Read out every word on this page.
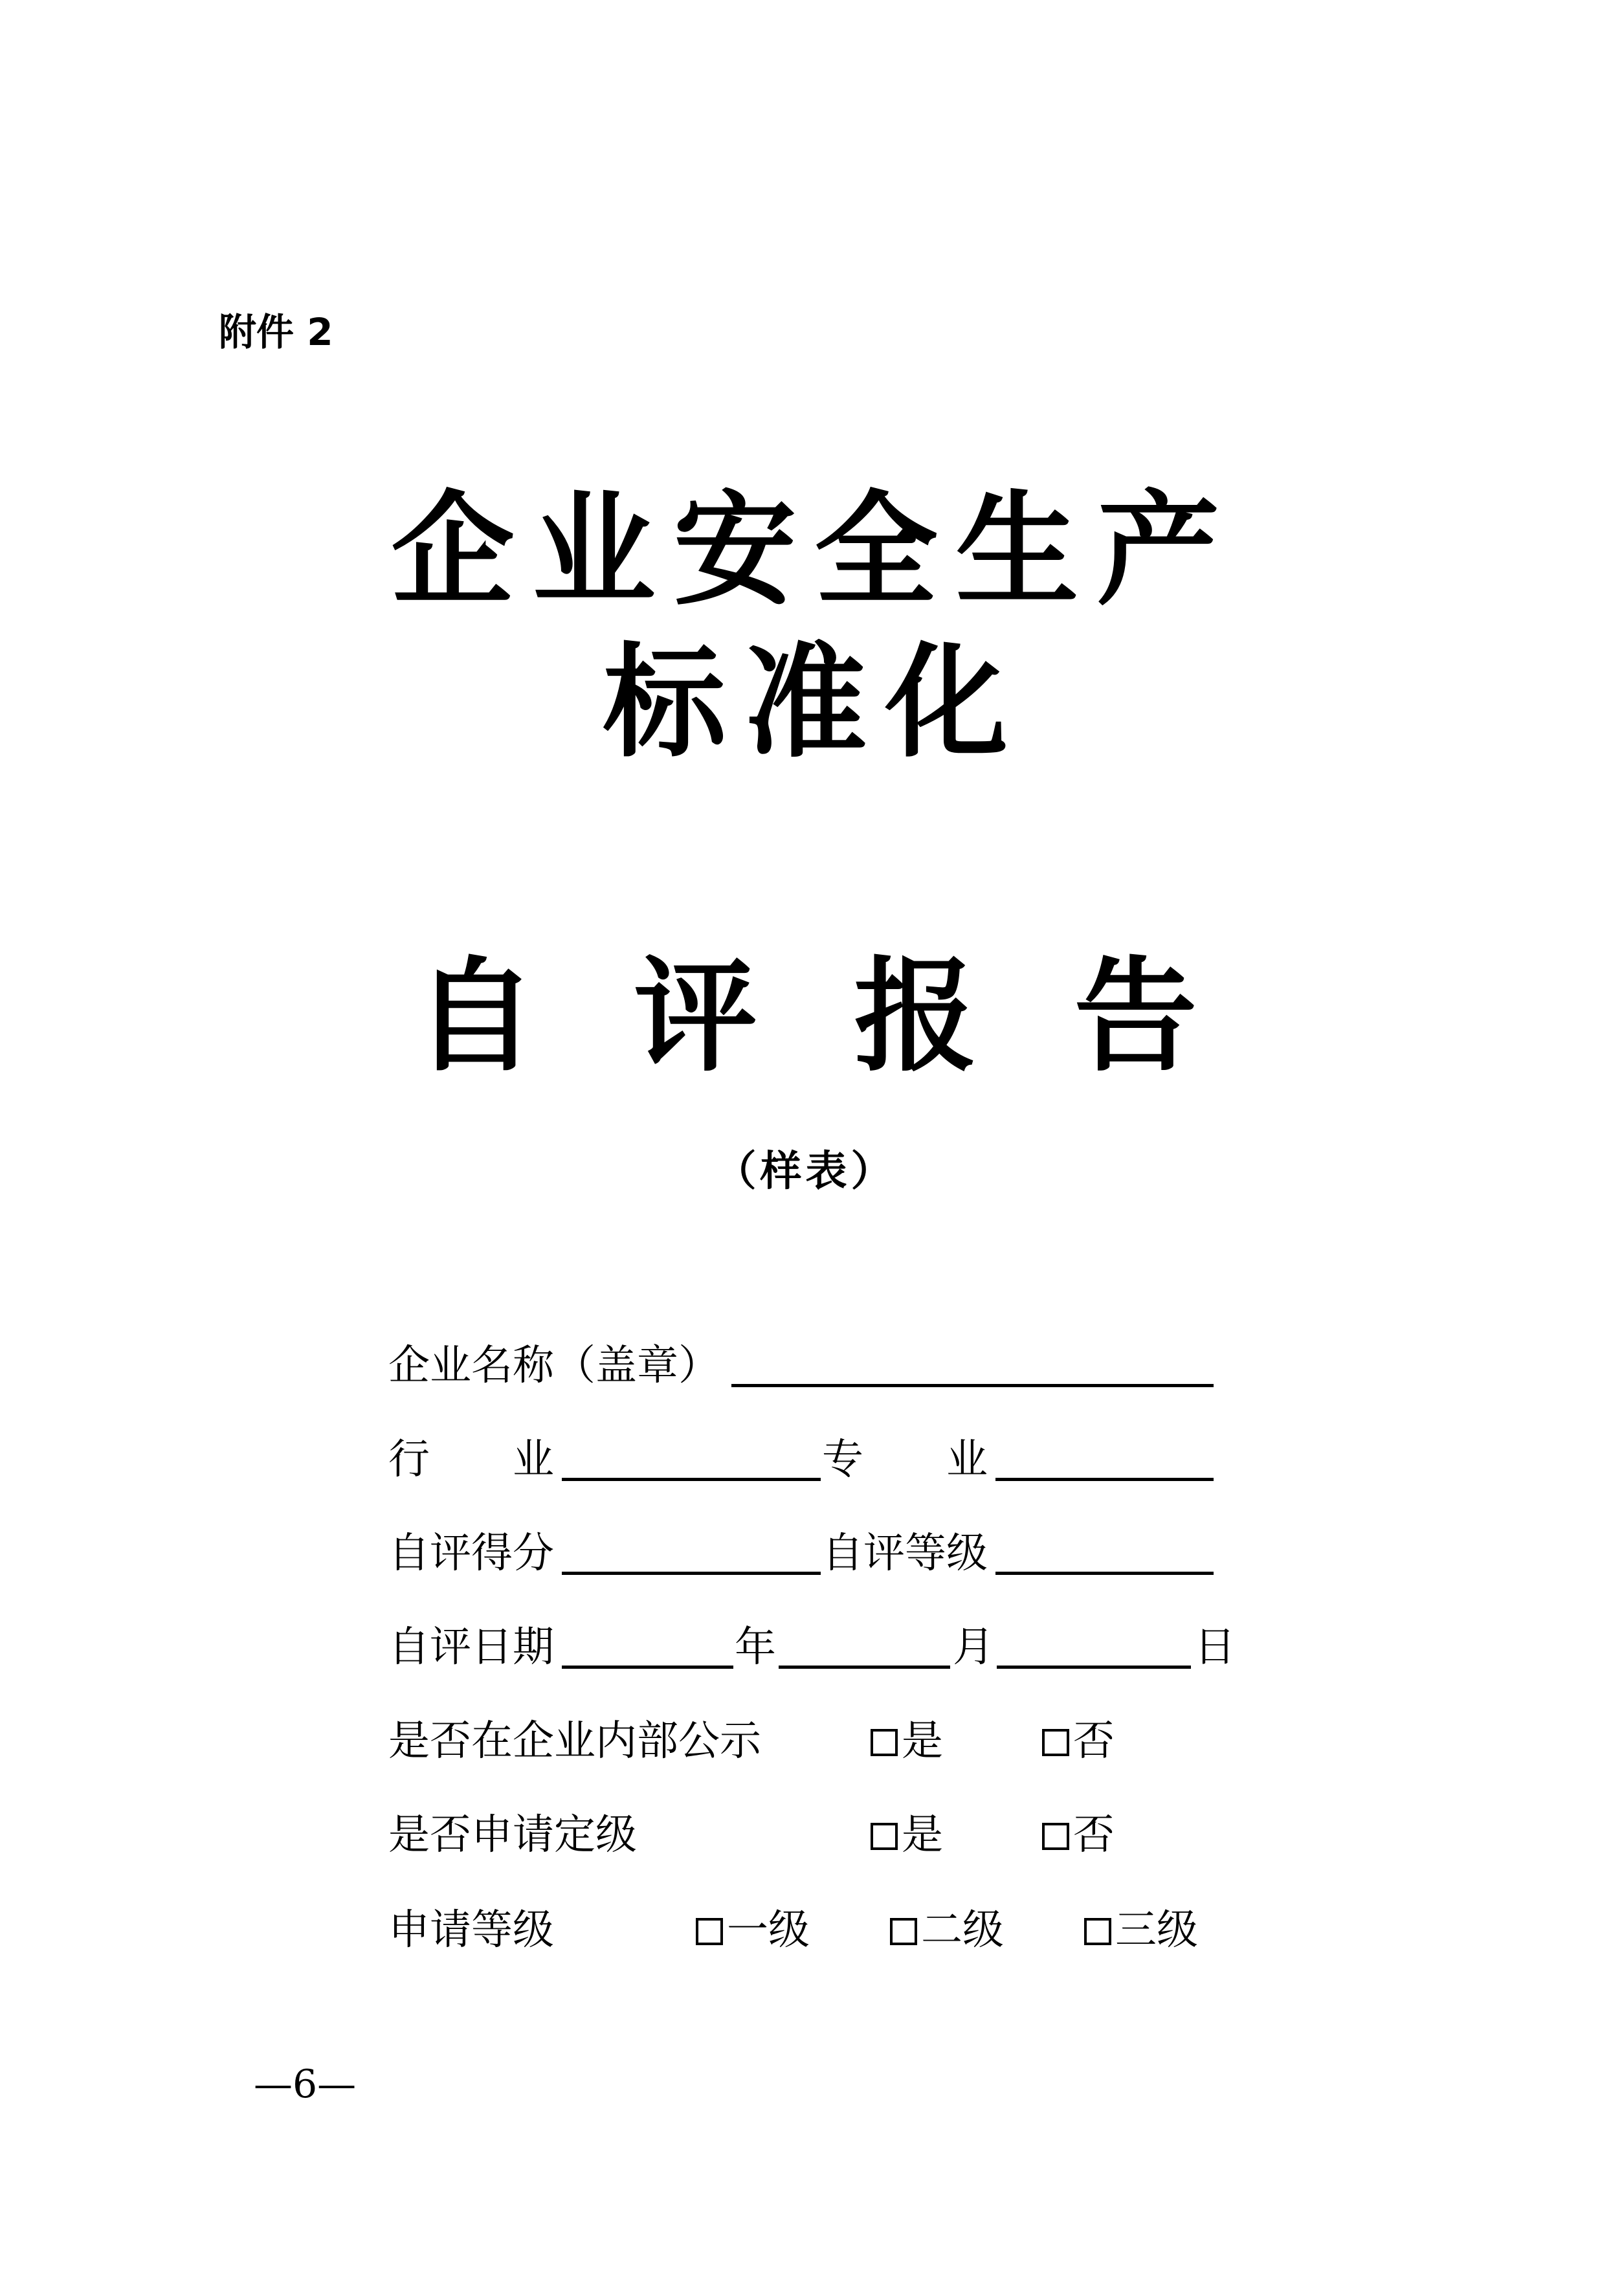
附件 2
企业安全生产
标准化
自评报告
（样表）
企业名称（盖章）
行　　业	专　　业
自评得分	自评等级
自评日期	年	月	日
是否在企业内部公示	是	否
是否申请定级	是	否
申请等级	一级	二级	三级
—6—
